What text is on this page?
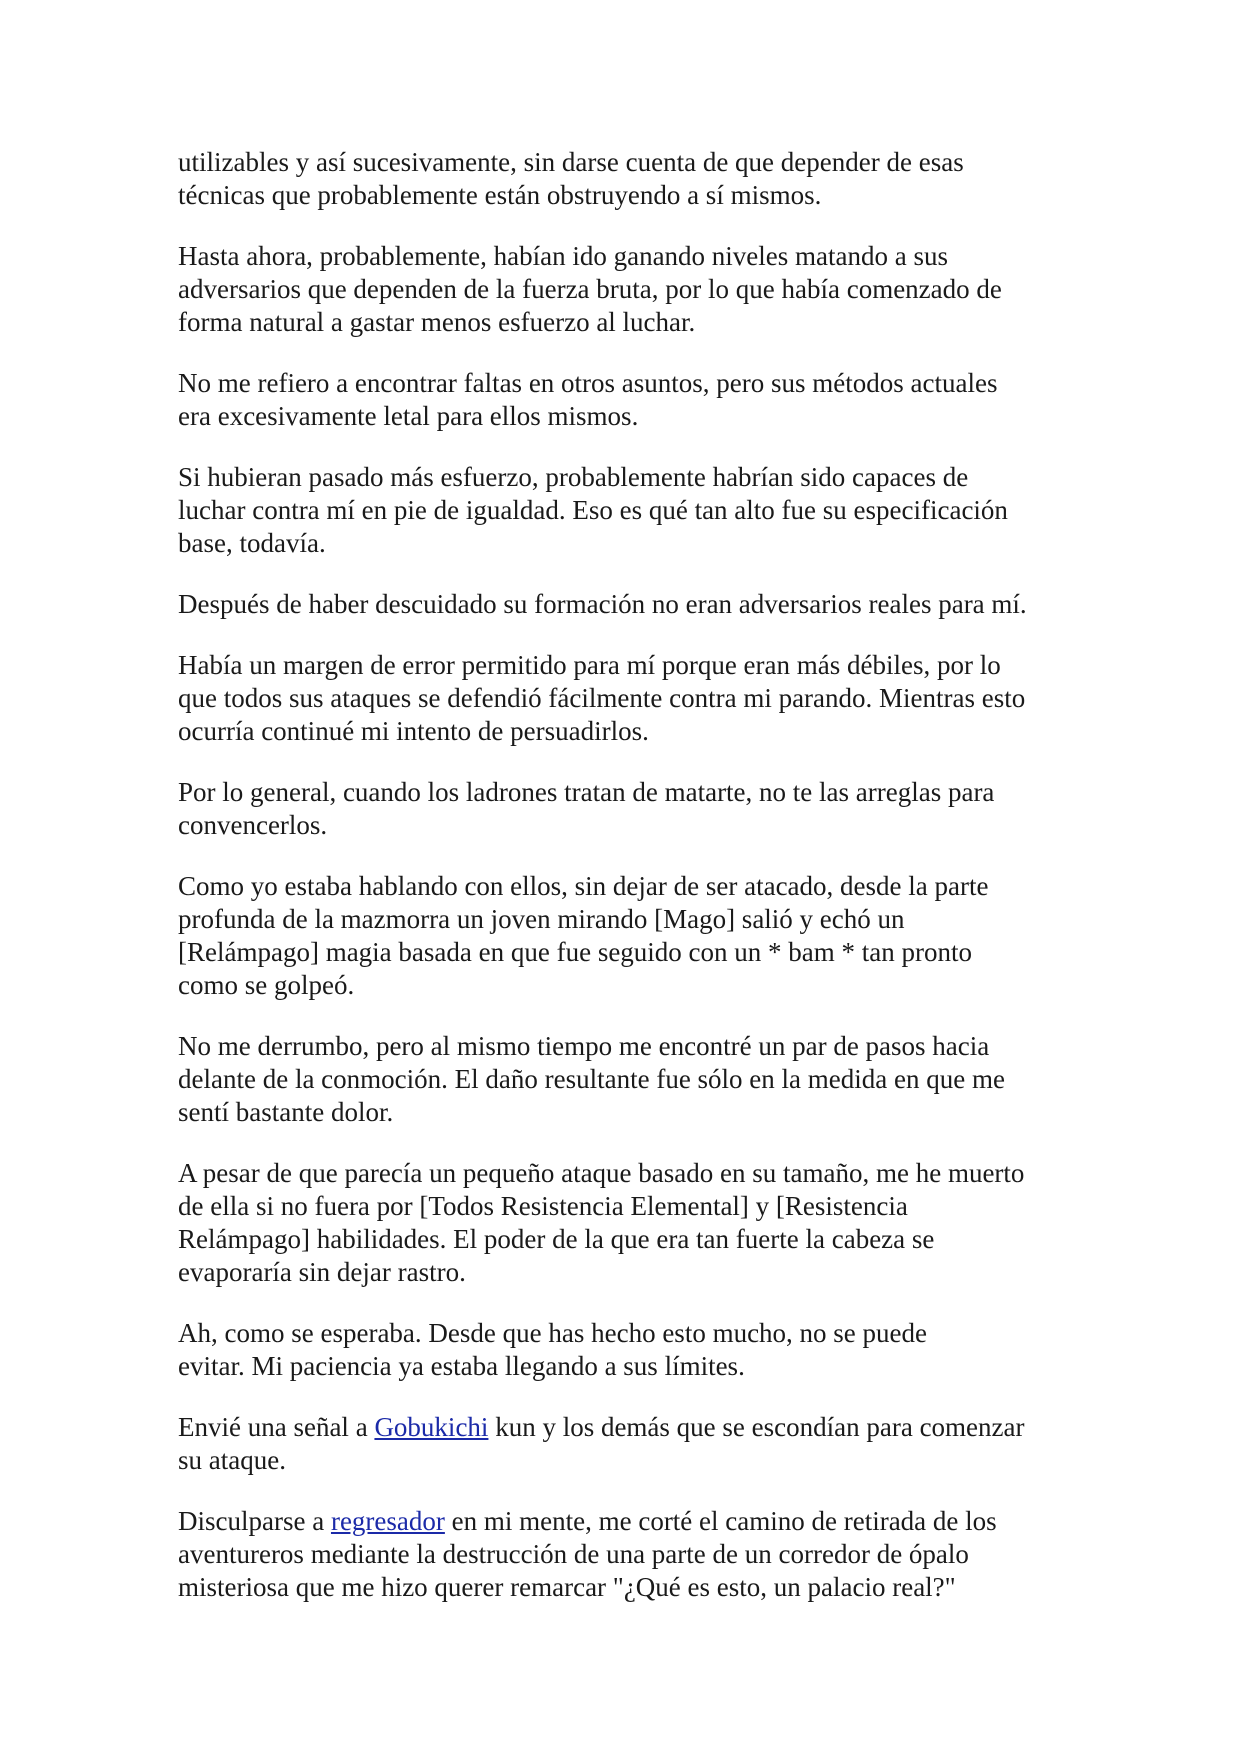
utilizables y así sucesivamente, sin darse cuenta de que depender de esas
técnicas que probablemente están obstruyendo a sí mismos.

Hasta ahora, probablemente, habían ido ganando niveles matando a sus
adversarios que dependen de la fuerza bruta, por lo que había comenzado de
forma natural a gastar menos esfuerzo al luchar.

No me refiero a encontrar faltas en otros asuntos, pero sus métodos actuales
era excesivamente letal para ellos mismos.

Si hubieran pasado más esfuerzo, probablemente habrían sido capaces de
luchar contra mí en pie de igualdad. Eso es qué tan alto fue su especificación
base, todavía.

Después de haber descuidado su formación no eran adversarios reales para mí.

Había un margen de error permitido para mí porque eran más débiles, por lo
que todos sus ataques se defendió fácilmente contra mi parando. Mientras esto
ocurría continué mi intento de persuadirlos.

Por lo general, cuando los ladrones tratan de matarte, no te las arreglas para
convencerlos.

Como yo estaba hablando con ellos, sin dejar de ser atacado, desde la parte
profunda de la mazmorra un joven mirando [Mago] salió y echó un
[Relámpago] magia basada en que fue seguido con un * bam * tan pronto
como se golpeó.

No me derrumbo, pero al mismo tiempo me encontré un par de pasos hacia
delante de la conmoción. El daño resultante fue sólo en la medida en que me
sentí bastante dolor.

A pesar de que parecía un pequeño ataque basado en su tamaño, me he muerto
de ella si no fuera por [Todos Resistencia Elemental] y [Resistencia
Relámpago] habilidades. El poder de la que era tan fuerte la cabeza se
evaporaría sin dejar rastro.

Ah, como se esperaba. Desde que has hecho esto mucho, no se puede
evitar. Mi paciencia ya estaba llegando a sus límites.

Envié una señal a Gobukichi kun y los demás que se escondían para comenzar
su ataque.

Disculparse a regresador en mi mente, me corté el camino de retirada de los
aventureros mediante la destrucción de una parte de un corredor de ópalo
misteriosa que me hizo querer remarcar "¿Qué es esto, un palacio real?"
